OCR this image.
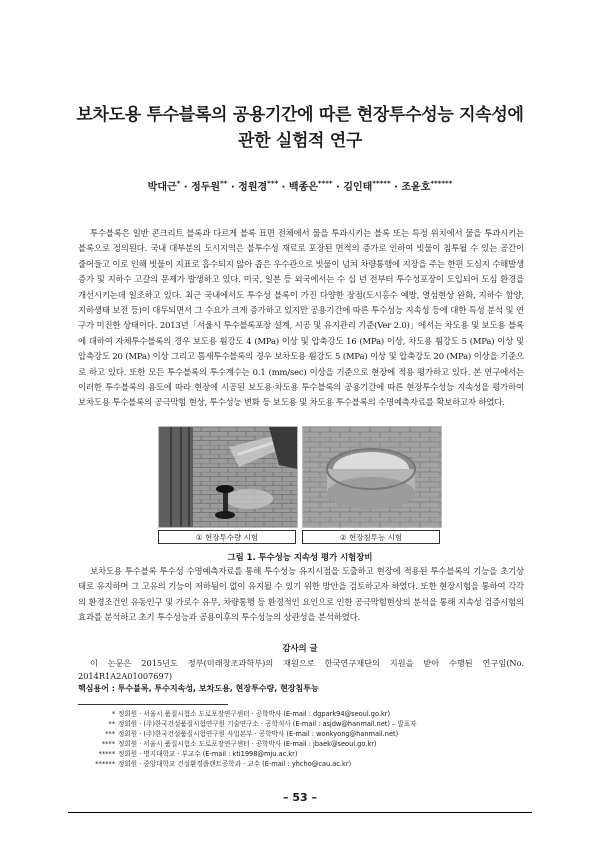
보차도용 투수블록의 공용기간에 따른 현장투수성능 지속성에
관한 실험적 연구
박대근* · 정두원** · 정원경*** · 백종은**** · 김인태***** · 조윤호******

투수블록은 일반 콘크리트 블록과 다르게 블록 표면 전체에서 물을 투과시키는 블록 또는 특정 위치에서 물을 투과시키는 블록으로 정의된다. 국내 대부분의 도시지역은 불투수성 재료로 포장된 면적의 증가로 인하여 빗물이 침투될 수 있는 공간이 줄어들고 이로 인해 빗물이 지표로 흡수되지 않아 좁은 우수관으로 빗물이 넘쳐 차량통행에 지장을 주는 한편 도심지 수해발생 증가 및 지하수 고갈의 문제가 발생하고 있다. 미국, 일본 등 외국에서는 수 십 년 전부터 투수성포장이 도입되어 도심 환경을 개선시키는데 일조하고 있다. 최근 국내에서도 투수성 블록이 가진 다양한 장점(도시홍수 예방, 열섬현상 완화, 지하수 함양, 지하생태 보전 등)이 대두되면서 그 수요가 크게 증가하고 있지만 공용기간에 따른 투수성능 지속성 등에 대한 특성 분석 및 연구가 미진한 상태이다. 2013년「서울시 투수블록포장 설계, 시공 및 유지관리 기준(Ver 2.0)」에서는 차도용 및 보도용 블록에 대하여 자체투수블록의 경우 보도용 휨강도 4 (MPa) 이상 및 압축강도 16 (MPa) 이상, 차도용 휨강도 5 (MPa) 이상 및 압축강도 20 (MPa) 이상 그리고 틈새투수블록의 경우 보차도용 휨강도 5 (MPa) 이상 및 압축강도 20 (MPa) 이상을 기준으로 하고 있다. 또한 모든 투수블록의 투수계수는 0.1 (mm/sec) 이상을 기준으로 현장에 적용 평가하고 있다. 본 연구에서는 이러한 투수블록의 용도에 따라 현장에 시공된 보도용·차도용 투수블록의 공용기간에 따른 현장투수성능 지속성을 평가하여 보차도용 투수블록의 공극막힘 현상, 투수성능 변화 등 보도용 및 차도용 투수블록의 수명예측자료를 확보하고자 하였다.

① 현장투수량 시험	② 현장침투능 시험
그림 1. 투수성능 지속성 평가 시험장비

보차도용 투수블록 투수성 수명예측자료를 통해 투수성능 유지시점을 도출하고 현장에 적용된 투수블록의 기능을 초기상태로 유지하며 그 고유의 기능이 저하됨이 없이 유지될 수 있기 위한 방안을 검토하고자 하였다. 또한 현장시험을 통하여 각각의 환경조건인 유동인구 및 가로수 유무, 차량통행 등 환경적인 요인으로 인한 공극막힘현상의 분석을 통해 지속성 검증시험의 효과를 분석하고 초기 투수성능과 공용이후의 투수성능의 상관성을 분석하였다.

감사의 글

이 논문은 2015년도 정부(미래창조과학부)의 재원으로 한국연구재단의 지원을 받아 수행된 연구임(No. 2014R1A2A01007697)

핵심용어 : 투수블록, 투수지속성, 보차도용, 현장투수량, 현장침투능

* 정회원 · 서울시 품질시험소 도로포장연구센터 · 공학박사 (E-mail : dgpark94@seoul.go.kr)
** 정회원 · (주)한국건설품질시험연구원 기술연구소 · 공학석사 (E-mail : asjdw@hanmail.net) – 발표자
*** 정회원 · (주)한국건설품질시험연구원 사업본부 · 공학박사 (E-mail : wonkyong@hanmail.net)
**** 정회원 · 서울시 품질시험소 도로포장연구센터 · 공학박사 (E-mail : jbaek@seoul.go.kr)
***** 정회원 · 명지대학교 · 부교수 (E-mail : kti1998@mju.ac.kr)
****** 정회원 · 중앙대학교 건설환경플랜트공학과 · 교수 (E-mail : yhcho@cau.ac.kr)
– 53 –
